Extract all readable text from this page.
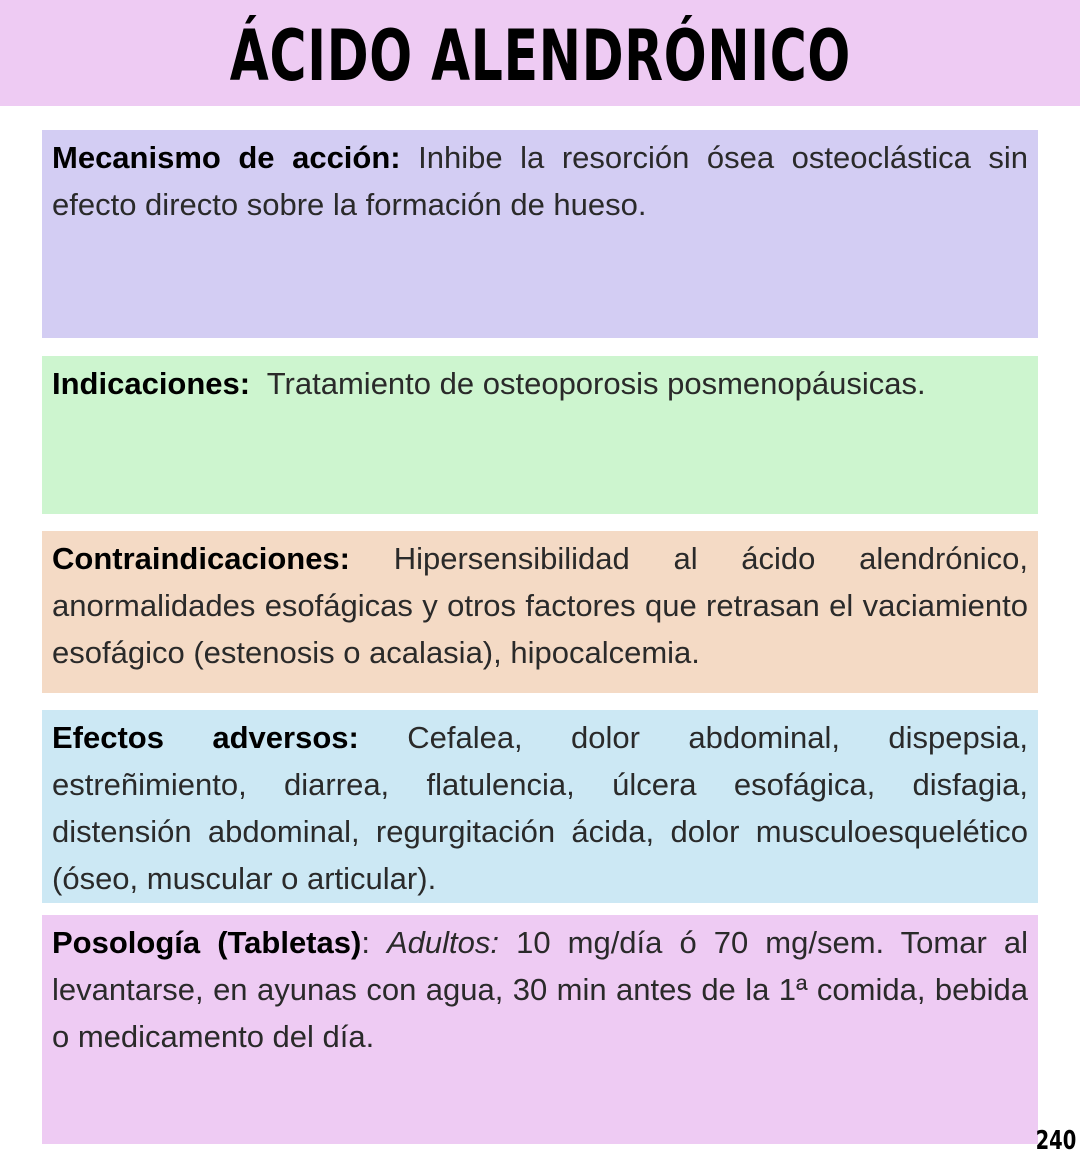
ÁCIDO ALENDRÓNICO
Mecanismo de acción: Inhibe la resorción ósea osteoclástica sin efecto directo sobre la formación de hueso.
Indicaciones:  Tratamiento de osteoporosis posmenopáusicas.
Contraindicaciones: Hipersensibilidad al ácido alendrónico, anormalidades esofágicas y otros factores que retrasan el vaciamiento esofágico (estenosis o acalasia), hipocalcemia.
Efectos adversos: Cefalea, dolor abdominal, dispepsia, estreñimiento, diarrea, flatulencia, úlcera esofágica, disfagia, distensión abdominal, regurgitación ácida, dolor musculoesquelético (óseo, muscular o articular).
Posología (Tabletas): Adultos: 10 mg/día ó 70 mg/sem. Tomar al levantarse, en ayunas con agua, 30 min antes de la 1ª comida, bebida o medicamento del día.
240
